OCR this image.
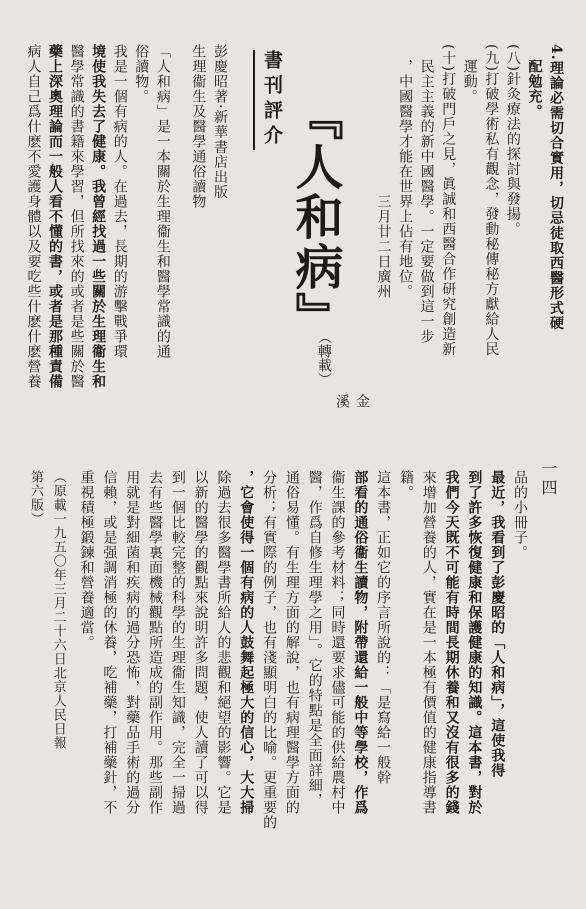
4.理論必需切合實用，切忌徒取西醫形式硬
　配勉充。
(八)針灸療法的探討與發揚。
(九)打破學術私有觀念，發動秘傳秘方獻給人民
　運動。
(十)打破門戶之見，眞誠和西醫合作研究創造新
　民主主義的新中國醫學。一定要做到這一步
　，中國醫學才能在世界上佔有地位。
三月廿二日廣州
書刊評介 『人和病』
（轉載）
金溪
彭慶昭著·新華書店出版
生理衞生及醫學通俗讀物
「人和病」是一本關於生理衞生和醫學常識的通
俗讀物。
我是一個有病的人。在過去，長期的游擊戰爭環
境使我失去了健康。我曾經找過一些關於生理衞生和
醫學常識的書籍來學習，但所找來的或者是些關於醫
藥上深奧理論而一般人看不懂的書，或者是那種責備
病人自己爲什麽不愛護身體以及要吃些什麽什麽營養
一四
品的小冊子。
最近，我看到了彭慶昭的「人和病」，這使我得
到了許多恢復健康和保護健康的知識。這本書，對於
我們今天既不可能有時間長期休養和又沒有很多的錢
來增加營養的人，實在是一本極有價值的健康指導書
籍。
這本書，正如它的序言所說的：「是寫給一般幹
部看的通俗衞生讀物，附帶還給一般中等學校，作爲
衞生課的參考材料；同時還要求儘可能的供給農村中
醫，作爲自修生理學之用」。它的特點是全面詳細，
通俗易懂。有生理方面的解說，也有病理醫學方面的
分析；有實際的例子，也有淺顯明白的比喻。更重要的
，它會使得一個有病的人鼓舞起極大的信心，大大掃
除過去很多醫學書所給人的悲觀和絕望的影響。它是
以新的醫學的觀點來說明許多問題，使人讀了可以得
到一個比較完整的科學的生理衞生知識，完全一掃過
去有些醫學裏面機械觀點所造成的副作用。那些副作
用就是對細菌和疾病的過分恐怖，對藥品手術的過分
信賴，或是强調消極的休養，吃補藥，打補藥針，不
重視積極鍛鍊和營養適當。
（原載一九五〇年三月二十六日北京人民日報
第六版）
